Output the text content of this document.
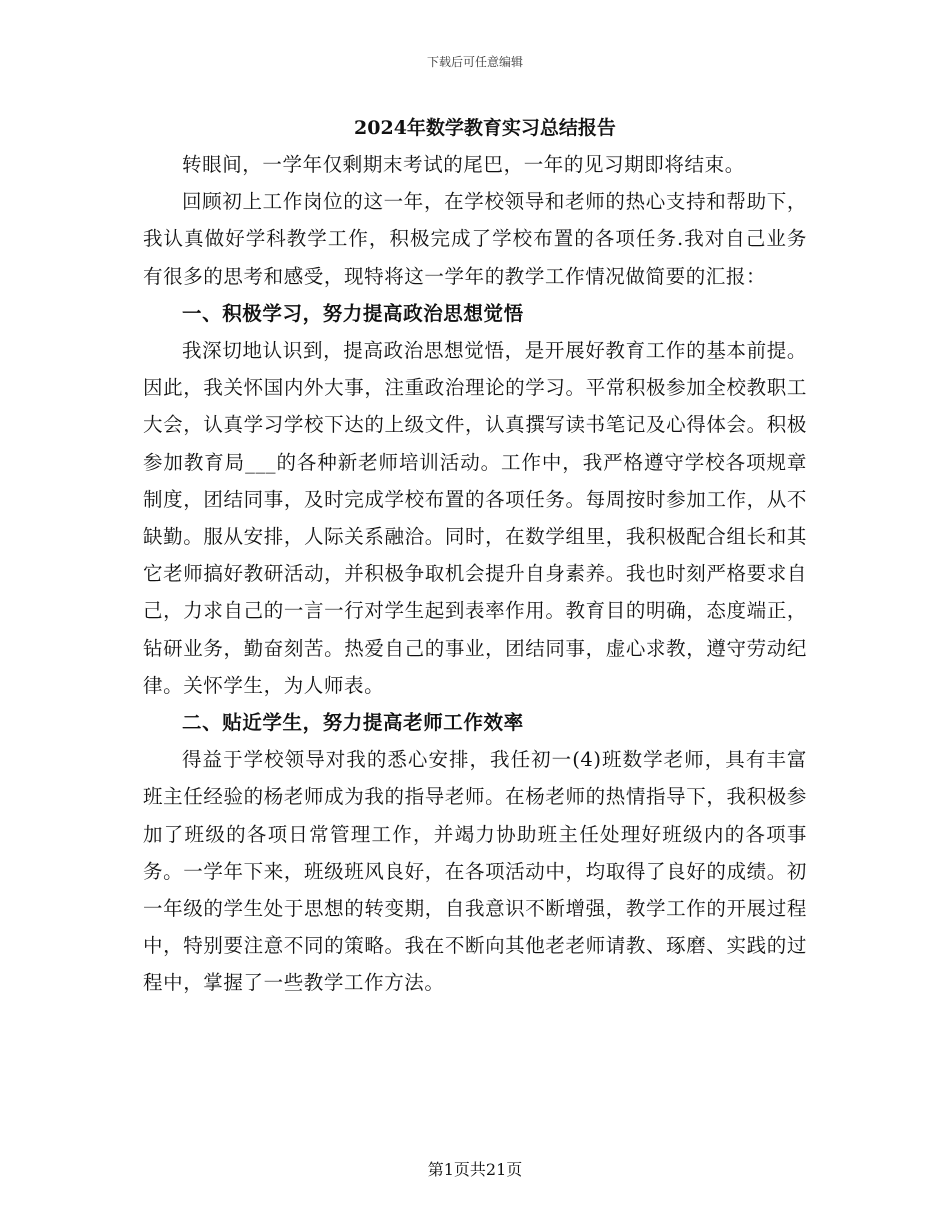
下载后可任意编辑
2024年数学教育实习总结报告

转眼间，一学年仅剩期末考试的尾巴，一年的见习期即将结束。

回顾初上工作岗位的这一年，在学校领导和老师的热心支持和帮助下，我认真做好学科教学工作，积极完成了学校布置的各项任务.我对自己业务有很多的思考和感受，现特将这一学年的教学工作情况做简要的汇报：

一、积极学习，努力提高政治思想觉悟

我深切地认识到，提高政治思想觉悟，是开展好教育工作的基本前提。因此，我关怀国内外大事，注重政治理论的学习。平常积极参加全校教职工大会，认真学习学校下达的上级文件，认真撰写读书笔记及心得体会。积极参加教育局___的各种新老师培训活动。工作中，我严格遵守学校各项规章制度，团结同事，及时完成学校布置的各项任务。每周按时参加工作，从不缺勤。服从安排，人际关系融洽。同时，在数学组里，我积极配合组长和其它老师搞好教研活动，并积极争取机会提升自身素养。我也时刻严格要求自己，力求自己的一言一行对学生起到表率作用。教育目的明确，态度端正，钻研业务，勤奋刻苦。热爱自己的事业，团结同事，虚心求教，遵守劳动纪律。关怀学生，为人师表。

二、贴近学生，努力提高老师工作效率

得益于学校领导对我的悉心安排，我任初一(4)班数学老师，具有丰富班主任经验的杨老师成为我的指导老师。在杨老师的热情指导下，我积极参加了班级的各项日常管理工作，并竭力协助班主任处理好班级内的各项事务。一学年下来，班级班风良好，在各项活动中，均取得了良好的成绩。初一年级的学生处于思想的转变期，自我意识不断增强，教学工作的开展过程中，特别要注意不同的策略。我在不断向其他老老师请教、琢磨、实践的过程中，掌握了一些教学工作方法。

第1页共21页
